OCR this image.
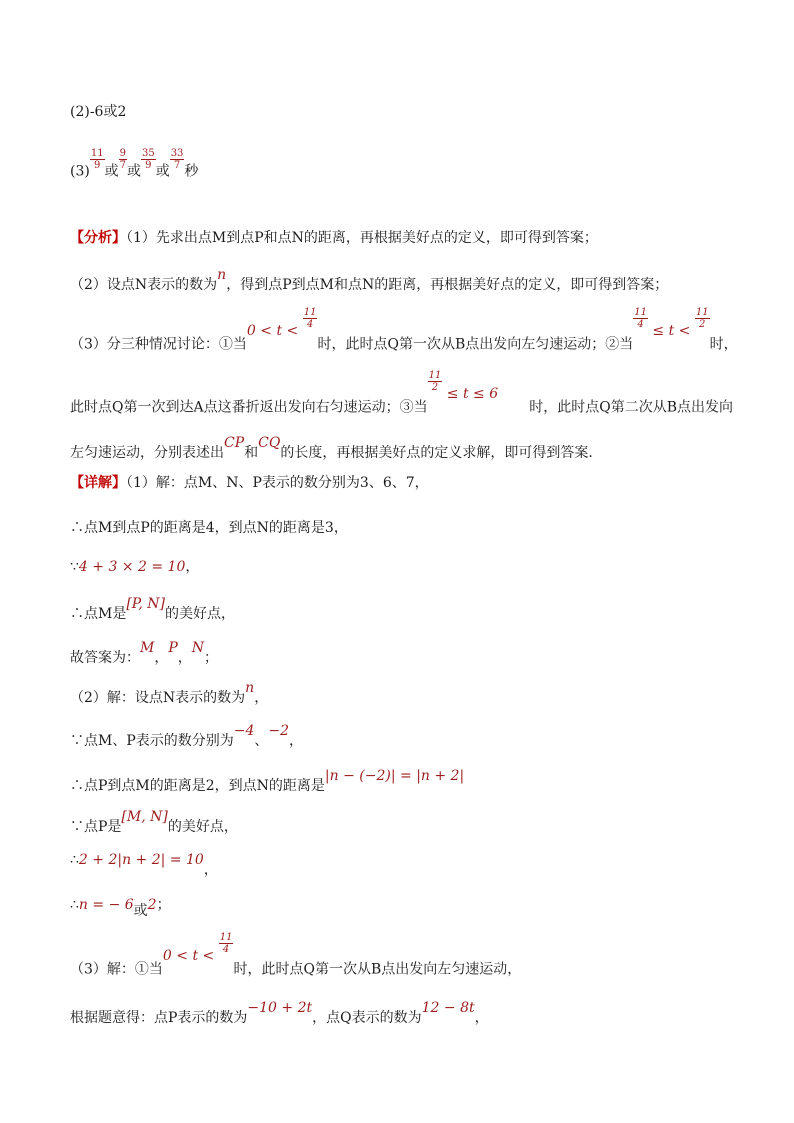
(2)-6或2
(3)
$\frac{11}{9}$
或
$\frac{9}{7}$
或
$\frac{35}{9}$
或
$\frac{33}{7}$
秒
【分析】（1）先求出点M到点P和点N的距离，再根据美好点的定义，即可得到答案；
（2）设点N表示的数为n，得到点P到点M和点N的距离，再根据美好点的定义，即可得到答案；
（3）分三种情况讨论：①当0 < t <
$\frac{11}{4}$
时，此时点Q第一次从B点出发向左匀速运动；②当
$\frac{11}{4}$
≤ t <
$\frac{11}{2}$
时，
此时点Q第一次到达A点这番折返出发向右匀速运动；③当
$\frac{11}{2}$
≤ t ≤ 6       时，此时点Q第二次从B点出发向
左匀速运动，分别表述出CP和CQ的长度，再根据美好点的定义求解，即可得到答案.
【详解】（1）解：点M、N、P表示的数分别为3、6、7，
∴点M到点P的距离是4，到点N的距离是3，
∵4 + 3 × 2 = 10，
∴点M是[P, N]的美好点，
故答案为：M，P，N；
（2）解：设点N表示的数为n，
∵点M、P表示的数分别为−4、−2，
∴点P到点M的距离是2，到点N的距离是|n − (−2)| = |n + 2|
∵点P是[M, N]的美好点，
∴2 + 2|n + 2| = 10，
∴n = − 6或2；
（3）解：①当0 < t <
$\frac{11}{4}$
时，此时点Q第一次从B点出发向左匀速运动，
根据题意得：点P表示的数为−10 + 2t，点Q表示的数为12 − 8t，
